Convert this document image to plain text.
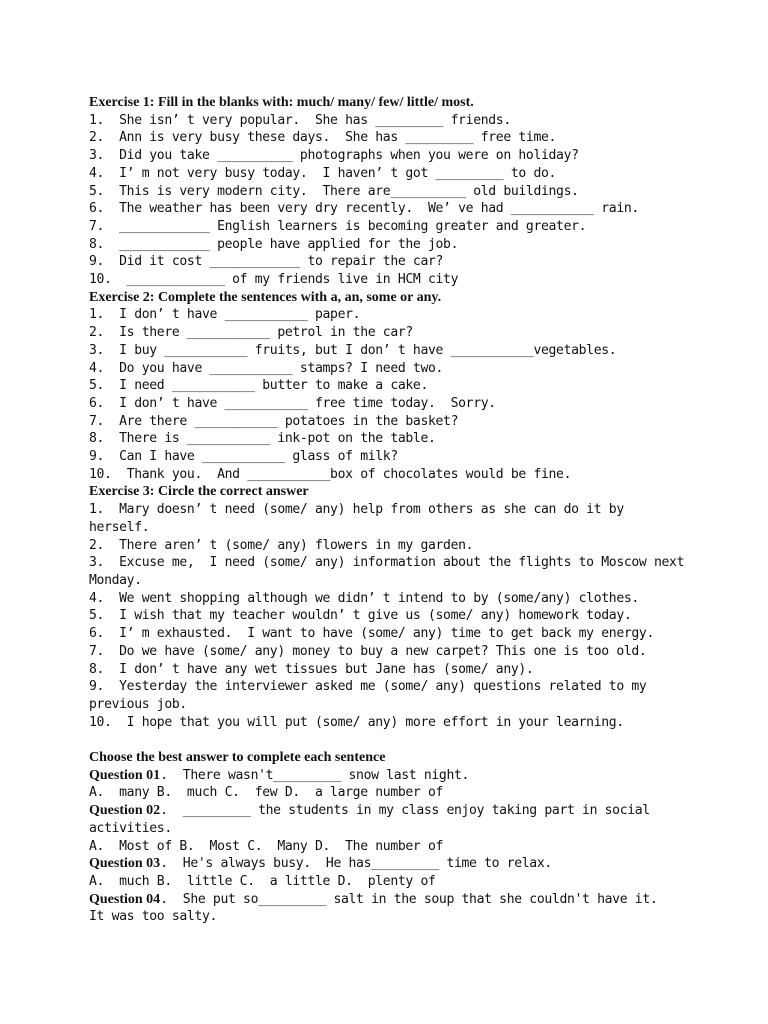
Exercise 1: Fill in the blanks with: much/ many/ few/ little/ most.
1.  She isn’ t very popular.  She has _________ friends.
2.  Ann is very busy these days.  She has _________ free time.
3.  Did you take __________ photographs when you were on holiday?
4.  I’ m not very busy today.  I haven’ t got _________ to do.
5.  This is very modern city.  There are__________ old buildings.
6.  The weather has been very dry recently.  We’ ve had ___________ rain.
7.  ____________ English learners is becoming greater and greater.
8.  ____________ people have applied for the job.
9.  Did it cost ____________ to repair the car?
10.  _____________ of my friends live in HCM city
Exercise 2: Complete the sentences with a, an, some or any.
1.  I don’ t have ___________ paper.
2.  Is there ___________ petrol in the car?
3.  I buy ___________ fruits, but I don’ t have ___________vegetables.
4.  Do you have ___________ stamps? I need two.
5.  I need ___________ butter to make a cake.
6.  I don’ t have ___________ free time today.  Sorry.
7.  Are there ___________ potatoes in the basket?
8.  There is ___________ ink-pot on the table.
9.  Can I have ___________ glass of milk?
10.  Thank you.  And ___________box of chocolates would be fine.
Exercise 3: Circle the correct answer
1.  Mary doesn’ t need (some/ any) help from others as she can do it by
herself.
2.  There aren’ t (some/ any) flowers in my garden.
3.  Excuse me,  I need (some/ any) information about the flights to Moscow next
Monday.
4.  We went shopping although we didn’ t intend to by (some/any) clothes.
5.  I wish that my teacher wouldn’ t give us (some/ any) homework today.
6.  I’ m exhausted.  I want to have (some/ any) time to get back my energy.
7.  Do we have (some/ any) money to buy a new carpet? This one is too old.
8.  I don’ t have any wet tissues but Jane has (some/ any).
9.  Yesterday the interviewer asked me (some/ any) questions related to my
previous job.
10.  I hope that you will put (some/ any) more effort in your learning.
Choose the best answer to complete each sentence
Question 01.  There wasn't_________ snow last night.
A.  many B.  much C.  few D.  a large number of
Question 02.  _________ the students in my class enjoy taking part in social
activities.
A.  Most of B.  Most C.  Many D.  The number of
Question 03.  He's always busy.  He has_________ time to relax.
A.  much B.  little C.  a little D.  plenty of
Question 04.  She put so_________ salt in the soup that she couldn't have it.
It was too salty.
